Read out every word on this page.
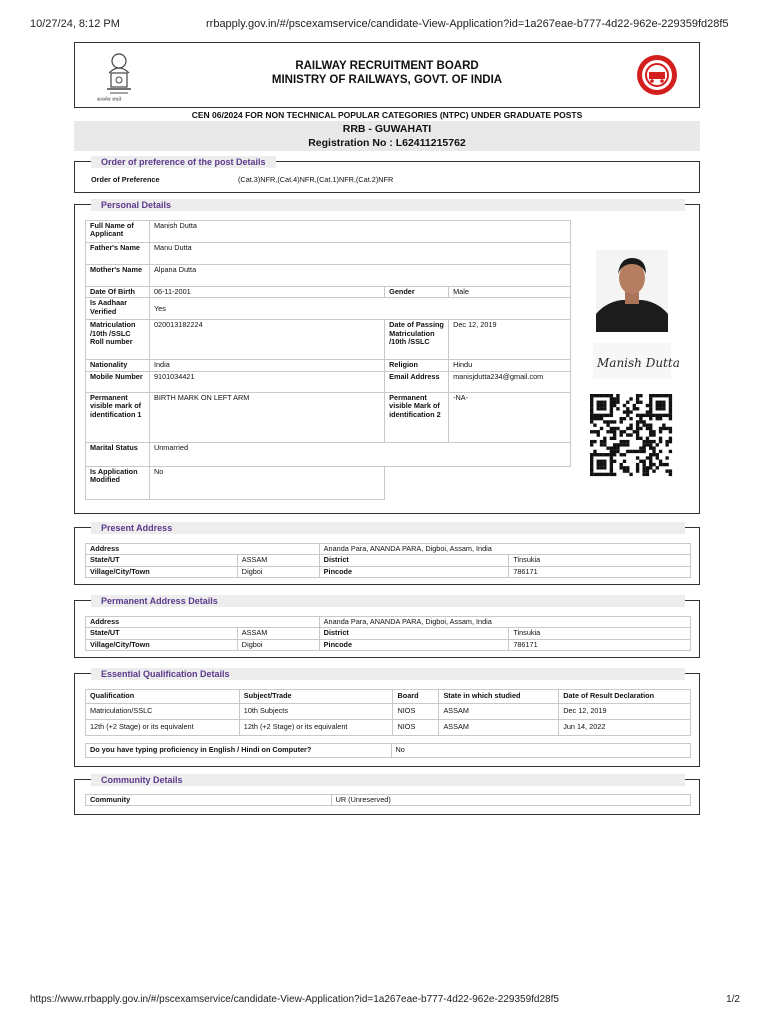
10/27/24, 8:12 PM	rrbapply.gov.in/#/pscexamservice/candidate-View-Application?id=1a267eae-b777-4d22-962e-229359fd28f5
सत्यमेव जयते
RAILWAY RECRUITMENT BOARD
MINISTRY OF RAILWAYS, GOVT. OF INDIA
CEN 06/2024 FOR NON TECHNICAL POPULAR CATEGORIES (NTPC) UNDER GRADUATE POSTS
RRB - GUWAHATI
Registration No : L62411215762
Order of preference of the post Details
Order of Preference	(Cat.3)NFR,(Cat.4)NFR,(Cat.1)NFR,(Cat.2)NFR
Personal Details
Full Name of Applicant	Manish Dutta		
Father's Name	Manu Dutta		
Mother's Name	Alpana Dutta		
Date Of Birth	06-11-2001	Gender	Male
Is Aadhaar Verified	Yes		
Matriculation /10th /SSLC Roll number	020013182224	Date of Passing Matriculation /10th /SSLC	Dec 12, 2019
Nationality	India	Religion	Hindu
Mobile Number	9101034421	Email Address	manisjdutta234@gmail.com
Permanent visible mark of identification 1	BIRTH MARK ON LEFT ARM	Permanent visible Mark of identification 2	-NA-
Marital Status	Unmarried		
Is Application Modified	No		
Manish Dutta
Present Address
Address		Ananda Para, ANANDA PARA, Digboi, Assam, India	
State/UT	ASSAM	District	Tinsukia
Village/City/Town	Digboi	Pincode	786171
Permanent Address Details
Address		Ananda Para, ANANDA PARA, Digboi, Assam, India	
State/UT	ASSAM	District	Tinsukia
Village/City/Town	Digboi	Pincode	786171
Essential Qualification Details
Qualification	Subject/Trade	Board	State in which studied	Date of Result Declaration
Matriculation/SSLC	10th Subjects	NIOS	ASSAM	Dec 12, 2019
12th (+2 Stage) or its equivalent	12th (+2 Stage) or its equivalent	NIOS	ASSAM	Jun 14, 2022
Do you have typing proficiency in English / Hindi on Computer?	No
Community Details
Community	UR (Unreserved)
https://www.rrbapply.gov.in/#/pscexamservice/candidate-View-Application?id=1a267eae-b777-4d22-962e-229359fd28f5	1/2
